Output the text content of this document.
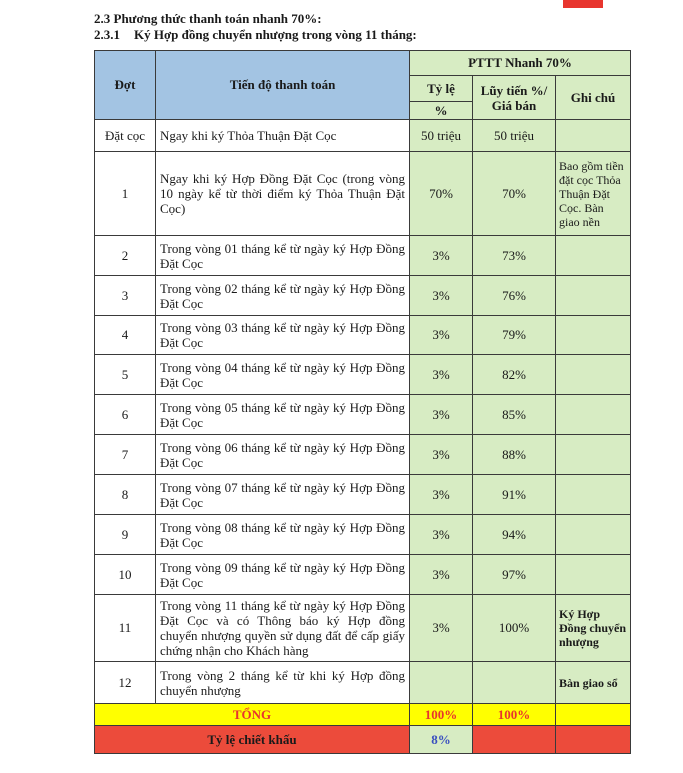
2.3 Phương thức thanh toán nhanh 70%:
2.3.1 Ký Hợp đồng chuyển nhượng trong vòng 11 tháng:
Đợt	Tiến độ thanh toán	PTTT Nhanh 70%		
		Tỷ lệ	Lũy tiến %/ Giá bán	Ghi chú
		%		
Đặt cọc	Ngay khi ký Thỏa Thuận Đặt Cọc	50 triệu	50 triệu	
1	Ngay khi ký Hợp Đồng Đặt Cọc (trong vòng 10 ngày kể từ thời điểm ký Thỏa Thuận Đặt Cọc)	70%	70%	Bao gồm tiền đặt cọc Thỏa Thuận Đặt Cọc. Bàn giao nền
2	Trong vòng 01 tháng kể từ ngày ký Hợp Đồng Đặt Cọc	3%	73%	
3	Trong vòng 02 tháng kể từ ngày ký Hợp Đồng Đặt Cọc	3%	76%	
4	Trong vòng 03 tháng kể từ ngày ký Hợp Đồng Đặt Cọc	3%	79%	
5	Trong vòng 04 tháng kể từ ngày ký Hợp Đồng Đặt Cọc	3%	82%	
6	Trong vòng 05 tháng kể từ ngày ký Hợp Đồng Đặt Cọc	3%	85%	
7	Trong vòng 06 tháng kể từ ngày ký Hợp Đồng Đặt Cọc	3%	88%	
8	Trong vòng 07 tháng kể từ ngày ký Hợp Đồng Đặt Cọc	3%	91%	
9	Trong vòng 08 tháng kể từ ngày ký Hợp Đồng Đặt Cọc	3%	94%	
10	Trong vòng 09 tháng kể từ ngày ký Hợp Đồng Đặt Cọc	3%	97%	
11	Trong vòng 11 tháng kể từ ngày ký Hợp Đồng Đặt Cọc và có Thông báo ký Hợp đồng chuyển nhượng quyền sử dụng đất để cấp giấy chứng nhận cho Khách hàng	3%	100%	Ký Hợp Đồng chuyển nhượng
12	Trong vòng 2 tháng kể từ khi ký Hợp đồng chuyển nhượng			Bàn giao sổ
TỔNG		100%	100%	
Tỷ lệ chiết khấu		8%		
